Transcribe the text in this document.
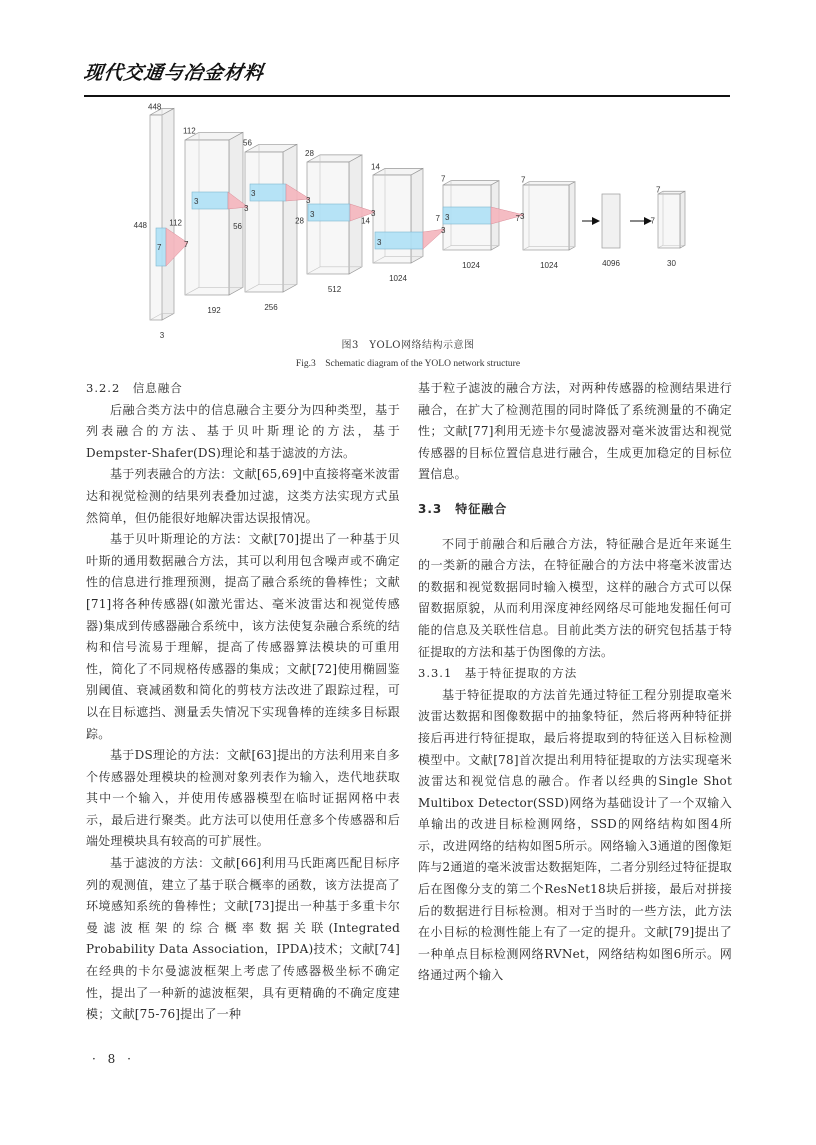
现代交通与冶金材料
448
448
3
112
112
192
56
56
256
28
28
512
14
14
1024
7
7
1024
7
7
1024	4096
7
7
30
7	7
3
3
3
3
3	3
3
3
3	3
图3　YOLO网络结构示意图
Fig.3　Schematic diagram of the YOLO network structure
3.2.2　信息融合

后融合类方法中的信息融合主要分为四种类型，基于列表融合的方法、基于贝叶斯理论的方法，基于Dempster-Shafer(DS)理论和基于滤波的方法。

基于列表融合的方法：文献[65,69]中直接将毫米波雷达和视觉检测的结果列表叠加过滤，这类方法实现方式虽然简单，但仍能很好地解决雷达误报情况。

基于贝叶斯理论的方法：文献[70]提出了一种基于贝叶斯的通用数据融合方法，其可以利用包含噪声或不确定性的信息进行推理预测，提高了融合系统的鲁棒性；文献[71]将各种传感器(如激光雷达、毫米波雷达和视觉传感器)集成到传感器融合系统中，该方法使复杂融合系统的结构和信号流易于理解，提高了传感器算法模块的可重用性，简化了不同规格传感器的集成；文献[72]使用椭圆鉴别阈值、衰减函数和简化的剪枝方法改进了跟踪过程，可以在目标遮挡、测量丢失情况下实现鲁棒的连续多目标跟踪。

基于DS理论的方法：文献[63]提出的方法利用来自多个传感器处理模块的检测对象列表作为输入，迭代地获取其中一个输入，并使用传感器模型在临时证据网格中表示，最后进行聚类。此方法可以使用任意多个传感器和后端处理模块具有较高的可扩展性。

基于滤波的方法：文献[66]利用马氏距离匹配目标序列的观测值，建立了基于联合概率的函数，该方法提高了环境感知系统的鲁棒性；文献[73]提出一种基于多重卡尔曼滤波框架的综合概率数据关联(Integrated Probability Data Association，IPDA)技术；文献[74]在经典的卡尔曼滤波框架上考虑了传感器极坐标不确定性，提出了一种新的滤波框架，具有更精确的不确定度建模；文献[75-76]提出了一种

基于粒子滤波的融合方法，对两种传感器的检测结果进行融合，在扩大了检测范围的同时降低了系统测量的不确定性；文献[77]利用无迹卡尔曼滤波器对毫米波雷达和视觉传感器的目标位置信息进行融合，生成更加稳定的目标位置信息。

3.3　特征融合

不同于前融合和后融合方法，特征融合是近年来诞生的一类新的融合方法，在特征融合的方法中将毫米波雷达的数据和视觉数据同时输入模型，这样的融合方式可以保留数据原貌，从而利用深度神经网络尽可能地发掘任何可能的信息及关联性信息。目前此类方法的研究包括基于特征提取的方法和基于伪图像的方法。

3.3.1　基于特征提取的方法

基于特征提取的方法首先通过特征工程分别提取毫米波雷达数据和图像数据中的抽象特征，然后将两种特征拼接后再进行特征提取，最后将提取到的特征送入目标检测模型中。文献[78]首次提出利用特征提取的方法实现毫米波雷达和视觉信息的融合。作者以经典的Single Shot Multibox Detector(SSD)网络为基础设计了一个双输入单输出的改进目标检测网络，SSD的网络结构如图4所示，改进网络的结构如图5所示。网络输入3通道的图像矩阵与2通道的毫米波雷达数据矩阵，二者分别经过特征提取后在图像分支的第二个ResNet18块后拼接，最后对拼接后的数据进行目标检测。相对于当时的一些方法，此方法在小目标的检测性能上有了一定的提升。文献[79]提出了一种单点目标检测网络RVNet，网络结构如图6所示。网络通过两个输入

· 8 ·
